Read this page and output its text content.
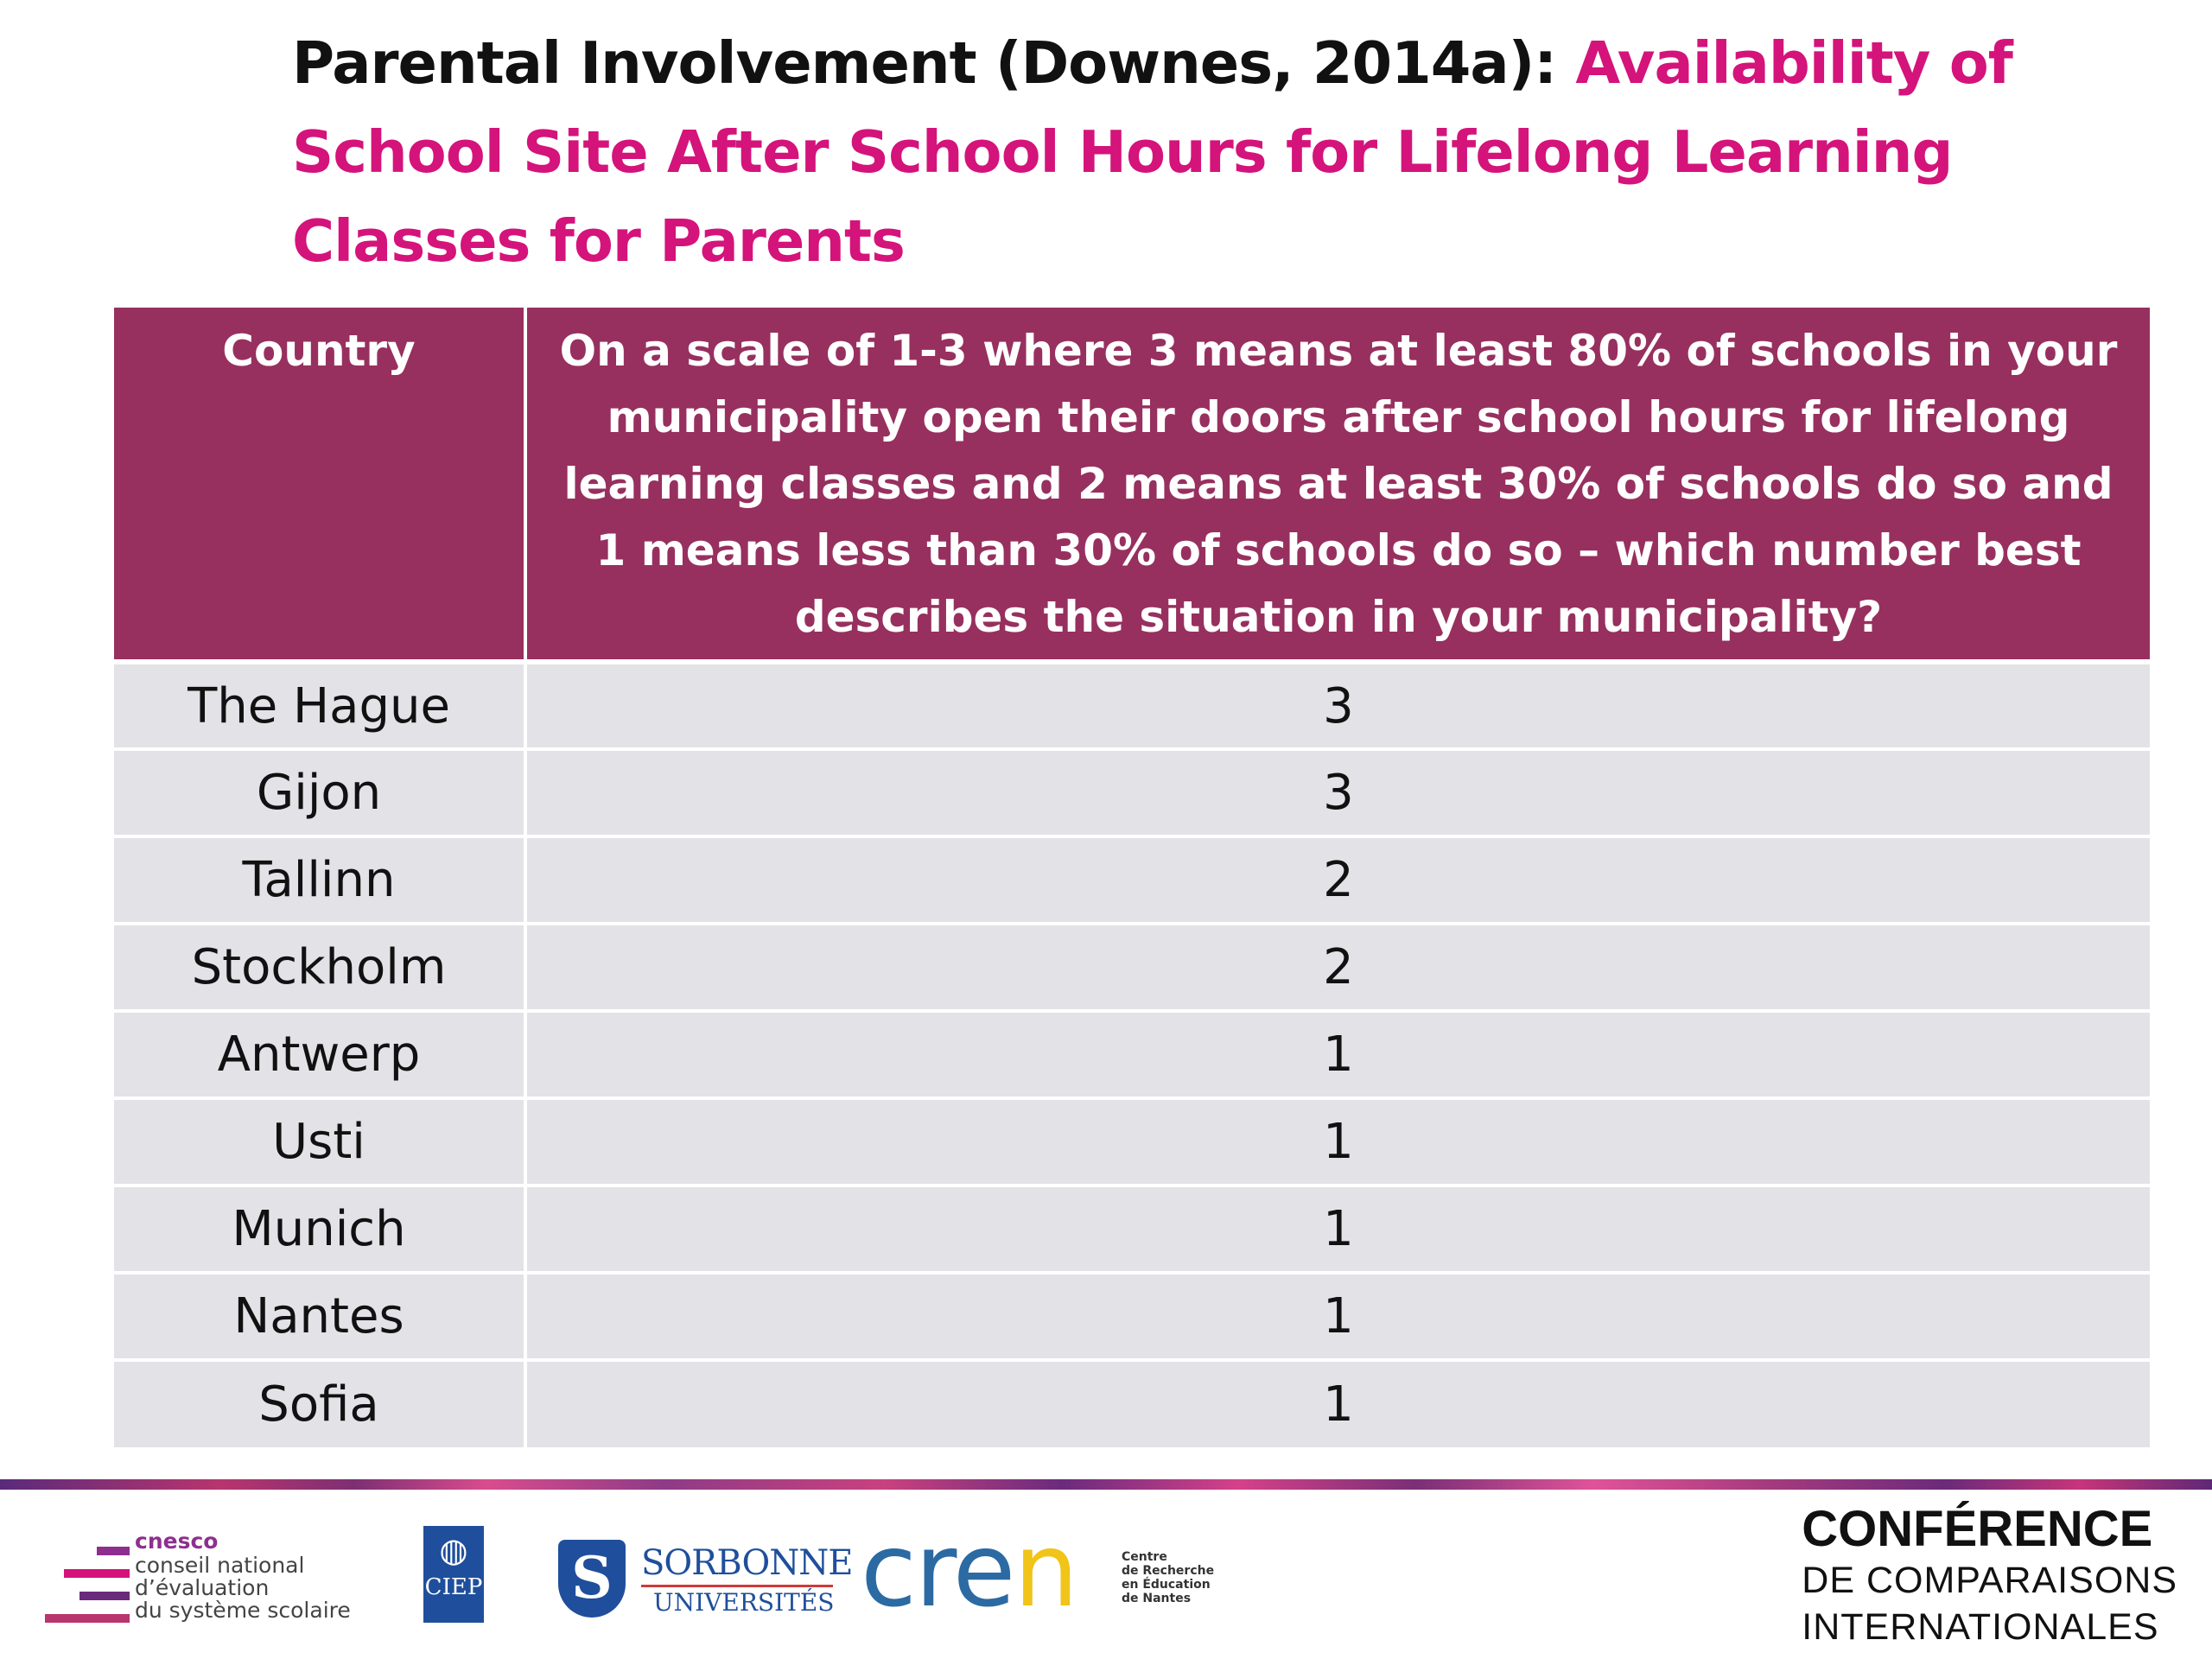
Parental Involvement (Downes, 2014a): Availability of
School Site After School Hours for Lifelong Learning
Classes for Parents
Country	On a scale of 1-3 where 3 means at least 80% of schools in your municipality open their doors after school hours for lifelong learning classes and 2 means at least 30% of schools do so and 1 means less than 30% of schools do so – which number best describes the situation in your municipality?
The Hague	3
Gijon	3
Tallinn	2
Stockholm	2
Antwerp	1
Usti	1
Munich	1
Nantes	1
Sofia	1
cnesco
conseil national
d’évaluation
du système scolaire
◍
CIEP S SORBONNE
UNIVERSITÉS cren	Centre
de Recherche
en Éducation
de Nantes
CONFÉRENCE
DE COMPARAISONS
INTERNATIONALES
